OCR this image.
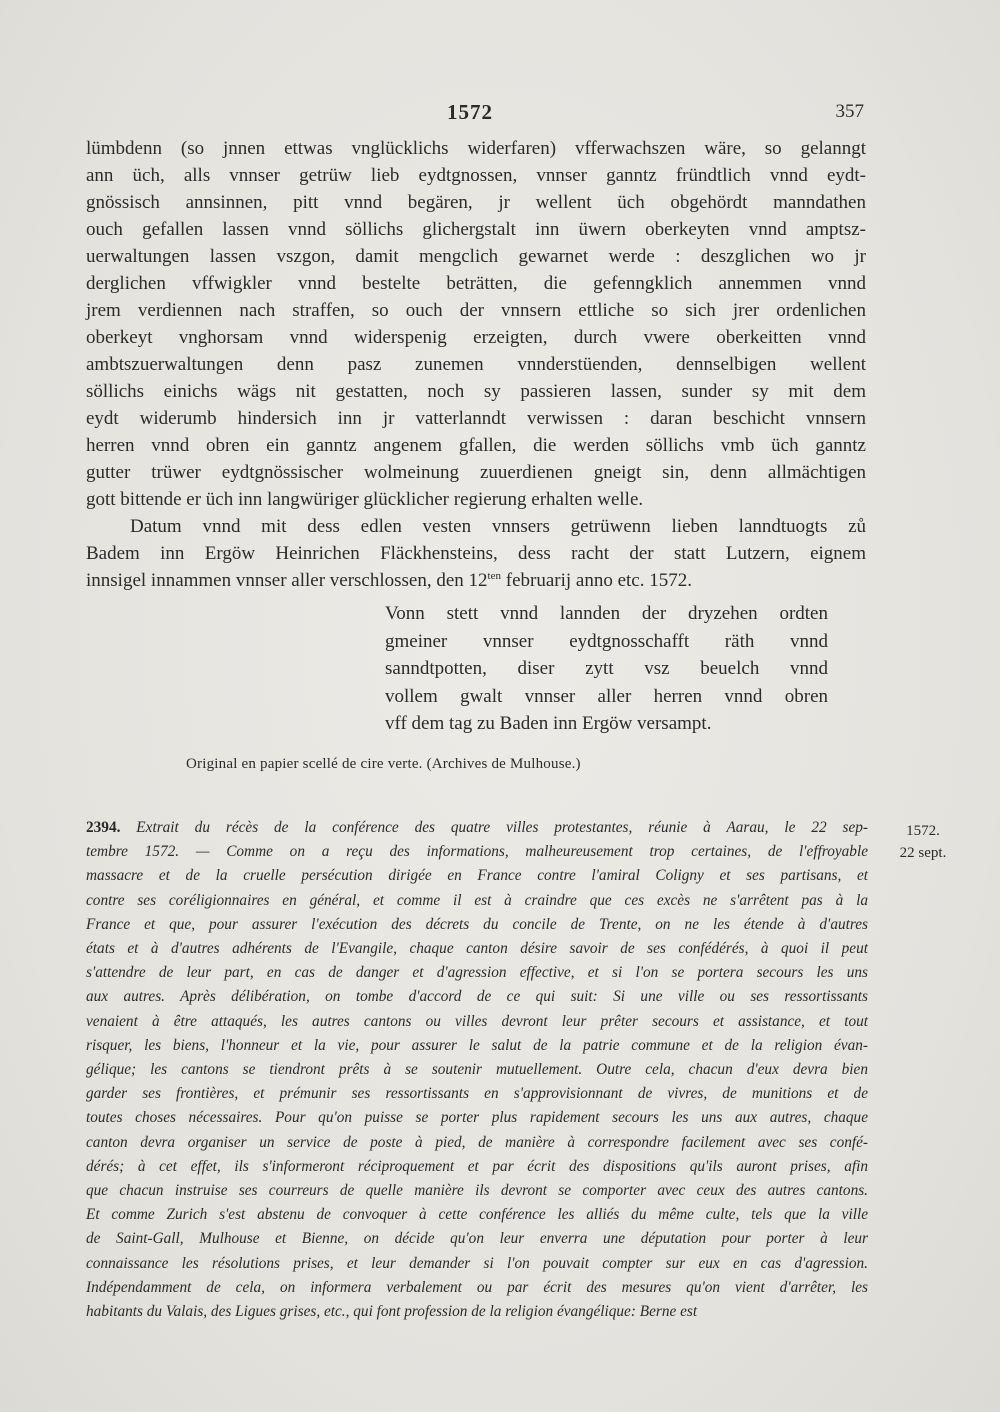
1572	357
lümbdenn (so jnnen ettwas vnglücklichs widerfaren) vfferwachszen wäre, so gelanngt
ann üch, alls vnnser getrüw lieb eydtgnossen, vnnser ganntz fründtlich vnnd eydt-
gnössisch annsinnen, pitt vnnd begären, jr wellent üch obgehördt manndathen
ouch gefallen lassen vnnd söllichs glichergstalt inn üwern oberkeyten vnnd amptsz-
uerwaltungen lassen vszgon, damit mengclich gewarnet werde : deszglichen wo jr
derglichen vffwigkler vnnd bestelte beträtten, die gefenngklich annemmen vnnd
jrem verdiennen nach straffen, so ouch der vnnsern ettliche so sich jrer ordenlichen
oberkeyt vnghorsam vnnd widerspenig erzeigten, durch vwere oberkeitten vnnd
ambtszuerwaltungen denn pasz zunemen vnnderstüenden, dennselbigen wellent
söllichs einichs wägs nit gestatten, noch sy passieren lassen, sunder sy mit dem
eydt widerumb hindersich inn jr vatterlanndt verwissen : daran beschicht vnnsern
herren vnnd obren ein ganntz angenem gfallen, die werden söllichs vmb üch ganntz
gutter trüwer eydtgnössischer wolmeinung zuuerdienen gneigt sin, denn allmächtigen
gott bittende er üch inn langwüriger glücklicher regierung erhalten welle.
Datum vnnd mit dess edlen vesten vnnsers getrüwenn lieben lanndtuogts zů
Badem inn Ergöw Heinrichen Fläckhensteins, dess racht der statt Lutzern, eignem
innsigel innammen vnnser aller verschlossen, den $12^{ten}$ februarij anno etc. 1572.
Vonn stett vnnd lannden der dryzehen ordten
gmeiner vnnser eydtgnosschafft räth vnnd
sanndtpotten, diser zytt vsz beuelch vnnd
vollem gwalt vnnser aller herren vnnd obren
vff dem tag zu Baden inn Ergöw versampt.
Original en papier scellé de cire verte. (Archives de Mulhouse.)
2394. Extrait du récès de la conférence des quatre villes protestantes, réunie à Aarau, le 22 sep-
tembre 1572. — Comme on a reçu des informations, malheureusement trop certaines, de l'effroyable
massacre et de la cruelle persécution dirigée en France contre l'amiral Coligny et ses partisans, et
contre ses coréligionnaires en général, et comme il est à craindre que ces excès ne s'arrêtent pas à la
France et que, pour assurer l'exécution des décrets du concile de Trente, on ne les étende à d'autres
états et à d'autres adhérents de l'Evangile, chaque canton désire savoir de ses confédérés, à quoi il peut
s'attendre de leur part, en cas de danger et d'agression effective, et si l'on se portera secours les uns
aux autres. Après délibération, on tombe d'accord de ce qui suit: Si une ville ou ses ressortissants
venaient à être attaqués, les autres cantons ou villes devront leur prêter secours et assistance, et tout
risquer, les biens, l'honneur et la vie, pour assurer le salut de la patrie commune et de la religion évan-
gélique; les cantons se tiendront prêts à se soutenir mutuellement. Outre cela, chacun d'eux devra bien
garder ses frontières, et prémunir ses ressortissants en s'approvisionnant de vivres, de munitions et de
toutes choses nécessaires. Pour qu'on puisse se porter plus rapidement secours les uns aux autres, chaque
canton devra organiser un service de poste à pied, de manière à correspondre facilement avec ses confé-
dérés; à cet effet, ils s'informeront réciproquement et par écrit des dispositions qu'ils auront prises, afin
que chacun instruise ses courreurs de quelle manière ils devront se comporter avec ceux des autres cantons.
Et comme Zurich s'est abstenu de convoquer à cette conférence les alliés du même culte, tels que la ville
de Saint-Gall, Mulhouse et Bienne, on décide qu'on leur enverra une députation pour porter à leur
connaissance les résolutions prises, et leur demander si l'on pouvait compter sur eux en cas d'agression.
Indépendamment de cela, on informera verbalement ou par écrit des mesures qu'on vient d'arrêter, les
habitants du Valais, des Ligues grises, etc., qui font profession de la religion évangélique: Berne est
1572.
22 sept.
